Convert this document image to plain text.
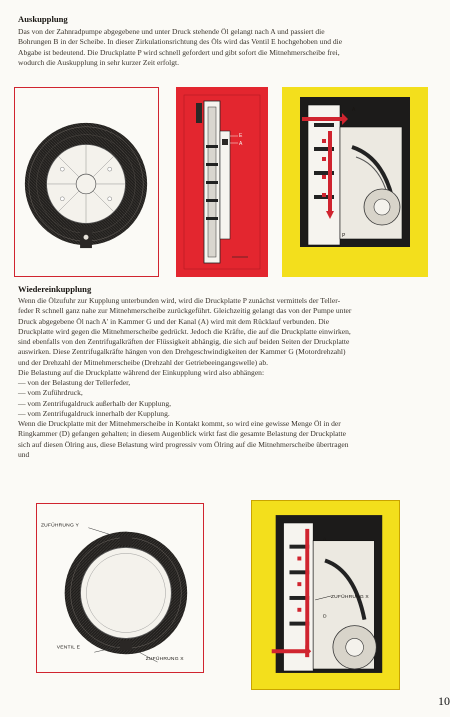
Auskupplung
Das von der Zahnradpumpe abgegebene und unter Druck stehende Öl gelangt nach A und passiert die
Bohrungen B in der Scheibe. In dieser Zirkulationsrichtung des Öls wird das Ventil E hochgehoben und die
Abgabe ist bedeutend. Die Druckplatte P wird schnell gefordert und gibt sofort die Mitnehmerscheibe frei,
wodurch die Auskupplung in sehr kurzer Zeit erfolgt.
E
A
A
P
Wiedereinkupplung
Wenn die Ölzufuhr zur Kupplung unterbunden wird, wird die Druckplatte P zunächst vermittels der Teller-
feder R schnell ganz nahe zur Mitnehmerscheibe zurückgeführt. Gleichzeitig gelangt das von der Pumpe unter
Druck abgegebene Öl nach A' in Kammer G und der Kanal (A) wird mit dem Rücklauf verbunden. Die
Druckplatte wird gegen die Mitnehmerscheibe gedrückt. Jedoch die Kräfte, die auf die Druckplatte einwirken,
sind ebenfalls von den Zentrifugalkräften der Flüssigkeit abhängig, die sich auf beiden Seiten der Druckplatte
auswirken. Diese Zentrifugalkräfte hängen von den Drehgeschwindigkeiten der Kammer G (Motordrehzahl)
und der Drehzahl der Mitnehmerscheibe (Drehzahl der Getriebeeingangswelle) ab.
Die Belastung auf die Druckplatte während der Einkupplung wird also abhängen:
— von der Belastung der Tellerfeder,
— vom Zuführdruck,
— vom Zentrifugaldruck außerhalb der Kupplung,
— vom Zentrifugaldruck innerhalb der Kupplung.
Wenn die Druckplatte mit der Mitnehmerscheibe in Kontakt kommt, so wird eine gewisse Menge Öl in der
Ringkammer (D) gefangen gehalten; in diesem Augenblick wirkt fast die gesamte Belastung der Druckplatte
sich auf diesen Ölring aus, diese Belastung wird progressiv vom Ölring auf die Mitnehmerscheibe übertragen
und
ZUFÜHRUNG Y
VENTIL E
ZUFÜHRUNG X
A
D
ZUFÜHRUNG X
10
